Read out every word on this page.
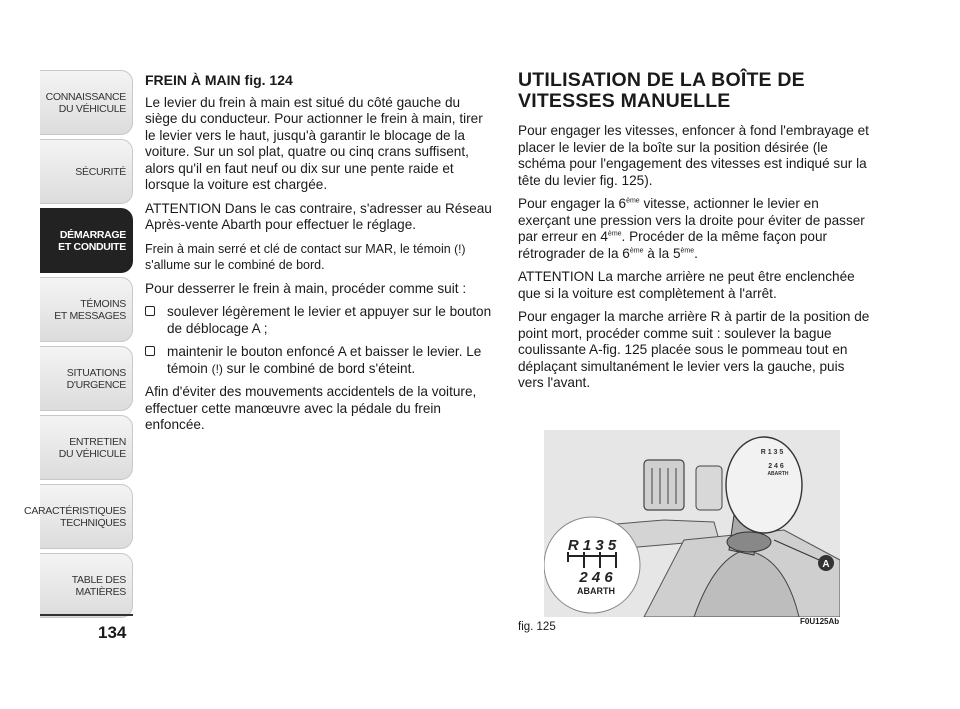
CONNAISSANCE
DU VÉHICULE
SÉCURITÉ
DÉMARRAGE
ET CONDUITE
TÉMOINS
ET MESSAGES
SITUATIONS
D'URGENCE
ENTRETIEN
DU VÉHICULE
CARACTÉRISTIQUES
TECHNIQUES
TABLE DES
MATIÈRES
134
FREIN À MAIN fig. 124

Le levier du frein à main est situé du côté gauche du siège du conducteur. Pour actionner le frein à main, tirer le levier vers le haut, jusqu'à garantir le blocage de la voiture. Sur un sol plat, quatre ou cinq crans suffisent, alors qu'il en faut neuf ou dix sur une pente raide et lorsque la voiture est chargée.

ATTENTION Dans le cas contraire, s'adresser au Réseau Après-vente Abarth pour effectuer le réglage.

Frein à main serré et clé de contact sur MAR, le témoin (!)s'allume sur le combiné de bord.

Pour desserrer le frein à main, procéder comme suit :

soulever légèrement le levier et appuyer sur le bouton de déblocage A ;
maintenir le bouton enfoncé A et baisser le levier. Le témoin (!) sur le combiné de bord s'éteint.

Afin d'éviter des mouvements accidentels de la voiture, effectuer cette manœuvre avec la pédale du frein enfoncée.

UTILISATION DE LA BOÎTE DE
VITESSES MANUELLE

Pour engager les vitesses, enfoncer à fond l'embrayage et placer le levier de la boîte sur la position désirée (le schéma pour l'engagement des vitesses est indiqué sur la tête du levier fig. 125).

Pour engager la 6ème vitesse, actionner le levier en exerçant une pression vers la droite pour éviter de passer par erreur en 4ème. Procéder de la même façon pour rétrograder de la 6ème à la 5ème.

ATTENTION La marche arrière ne peut être enclenchée que si la voiture est complètement à l'arrêt.

Pour engager la marche arrière R à partir de la position de point mort, procéder comme suit : soulever la bague coulissante A-fig. 125 placée sous le pommeau tout en déplaçant simultanément le levier vers la gauche, puis vers l'avant.

A
R 1 3 5
2 4 6
ABARTH
R 1 3 5
2 4 6
ABARTH
fig. 125	F0U125Ab
